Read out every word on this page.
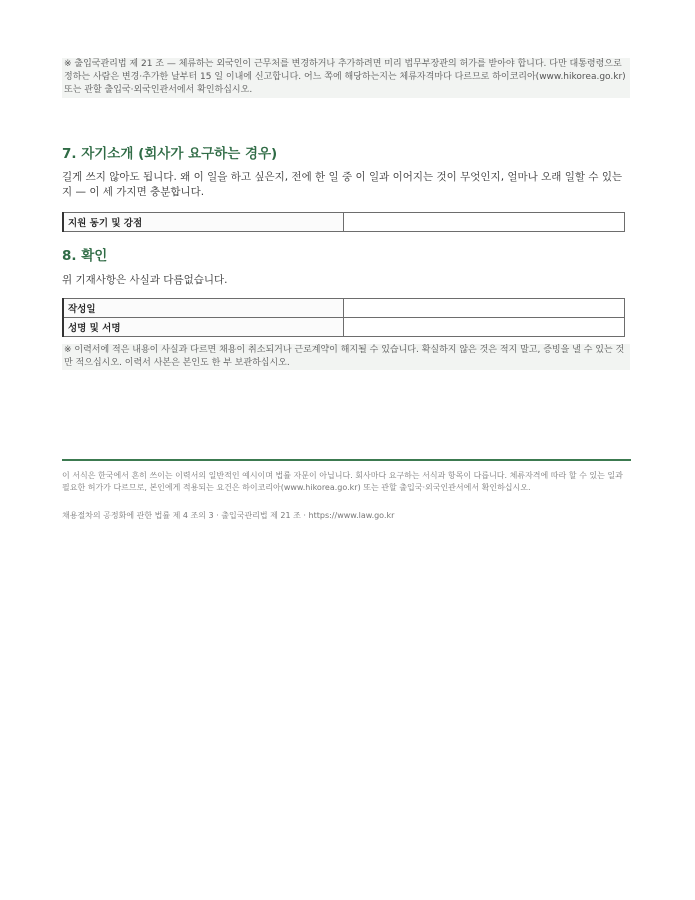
※ 출입국관리법 제 21 조 — 체류하는 외국인이 근무처를 변경하거나 추가하려면 미리 법무부장관의 허가를 받아야 합니다. 다만 대통령령으로 정하는 사람은 변경·추가한 날부터 15 일 이내에 신고합니다. 어느 쪽에 해당하는지는 체류자격마다 다르므로 하이코리아(www.hikorea.go.kr) 또는 관할 출입국·외국인관서에서 확인하십시오.
7. 자기소개 (회사가 요구하는 경우)
길게 쓰지 않아도 됩니다. 왜 이 일을 하고 싶은지, 전에 한 일 중 이 일과 이어지는 것이 무엇인지, 얼마나 오래 일할 수 있는지 — 이 세 가지면 충분합니다.
지원 동기 및 강점	
8. 확인
위 기재사항은 사실과 다름없습니다.
작성일	
성명 및 서명	
※ 이력서에 적은 내용이 사실과 다르면 채용이 취소되거나 근로계약이 해지될 수 있습니다. 확실하지 않은 것은 적지 말고, 증빙을 낼 수 있는 것만 적으십시오. 이력서 사본은 본인도 한 부 보관하십시오.
이 서식은 한국에서 흔히 쓰이는 이력서의 일반적인 예시이며 법률 자문이 아닙니다. 회사마다 요구하는 서식과 항목이 다릅니다. 체류자격에 따라 할 수 있는 일과 필요한 허가가 다르므로, 본인에게 적용되는 요건은 하이코리아(www.hikorea.go.kr) 또는 관할 출입국·외국인관서에서 확인하십시오.
채용절차의 공정화에 관한 법률 제 4 조의 3 · 출입국관리법 제 21 조 · https://www.law.go.kr
